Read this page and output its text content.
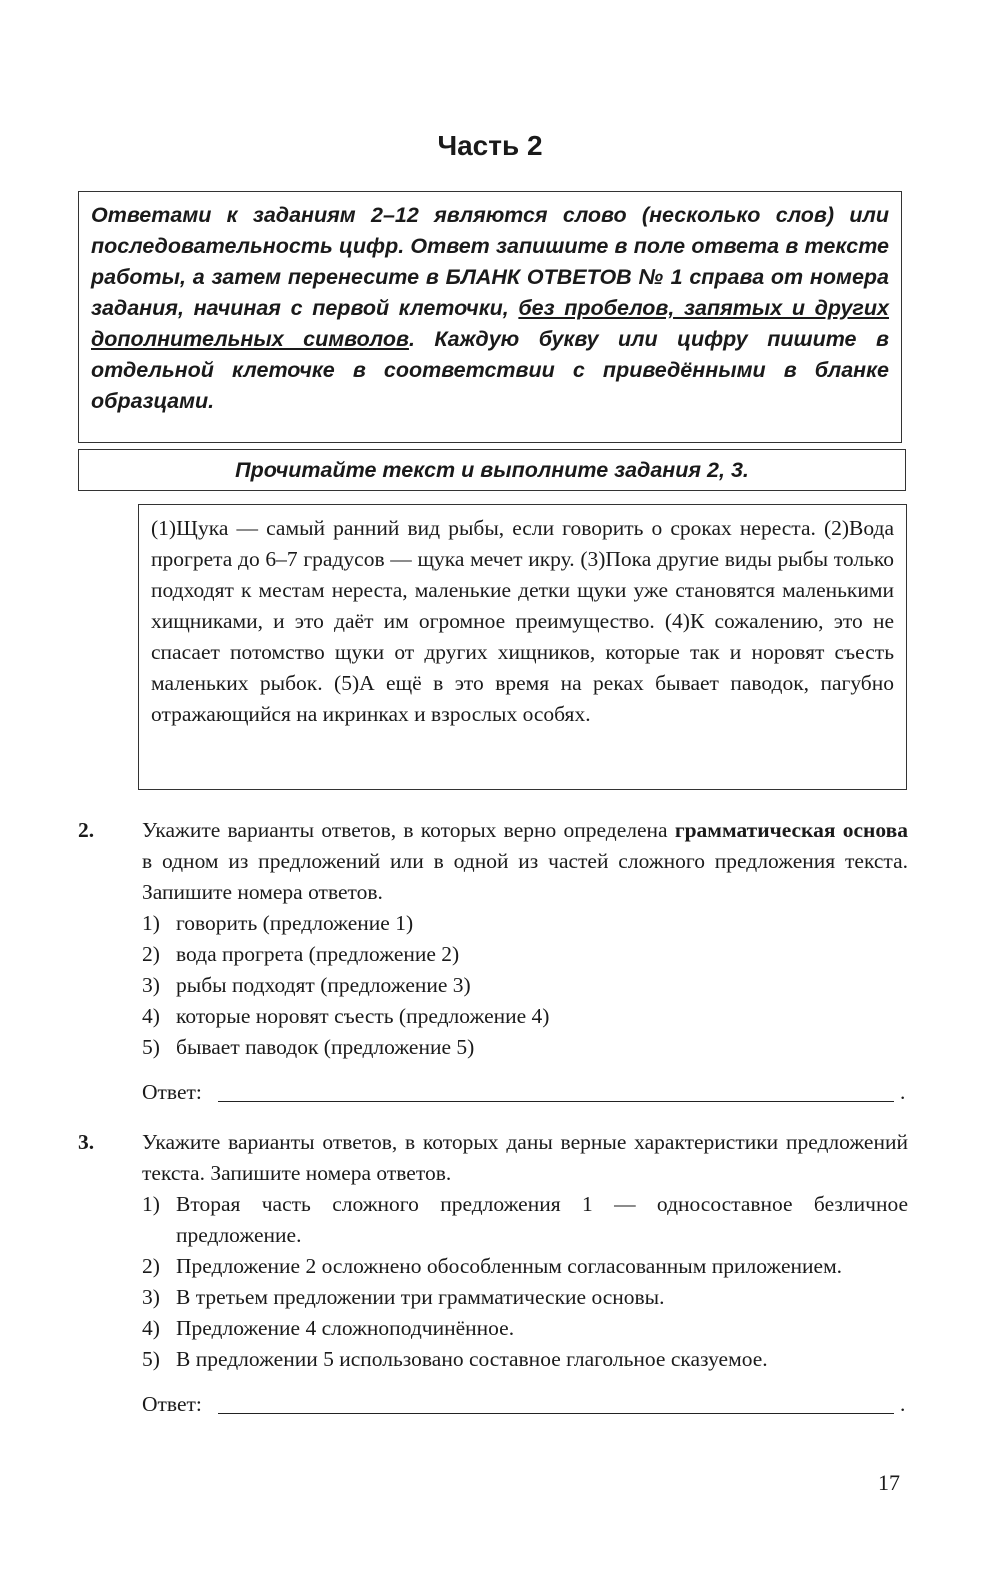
Часть 2
Ответами к заданиям 2–12 являются слово (несколько слов) или последовательность цифр. Ответ запишите в поле ответа в тексте работы, а затем перенесите в БЛАНК ОТВЕТОВ № 1 справа от номера задания, начиная с первой клеточки, без пробелов, запятых и других дополнительных символов. Каждую букву или цифру пишите в отдельной клеточке в соответствии с приведёнными в бланке образцами.
Прочитайте текст и выполните задания 2, 3.
(1)Щука — самый ранний вид рыбы, если говорить о сроках нереста. (2)Вода прогрета до 6–7 градусов — щука мечет икру. (3)Пока другие виды рыбы только подходят к местам нереста, маленькие детки щуки уже становятся маленькими хищниками, и это даёт им огромное преимущество. (4)К сожалению, это не спасает потомство щуки от других хищников, которые так и норовят съесть маленьких рыбок. (5)А ещё в это время на реках бывает паводок, пагубно отражающийся на икринках и взрослых особях.
2. Укажите варианты ответов, в которых верно определена грамматическая основа в одном из предложений или в одной из частей сложного предложения текста. Запишите номера ответов.
1) говорить (предложение 1)
2) вода прогрета (предложение 2)
3) рыбы подходят (предложение 3)
4) которые норовят съесть (предложение 4)
5) бывает паводок (предложение 5)
Ответ:	.
3. Укажите варианты ответов, в которых даны верные характеристики предложений текста. Запишите номера ответов.
1) Вторая часть сложного предложения 1 — односоставное безличное предложение.
2) Предложение 2 осложнено обособленным согласованным приложением.
3) В третьем предложении три грамматические основы.
4) Предложение 4 сложноподчинённое.
5) В предложении 5 использовано составное глагольное сказуемое.
Ответ:	.
17
